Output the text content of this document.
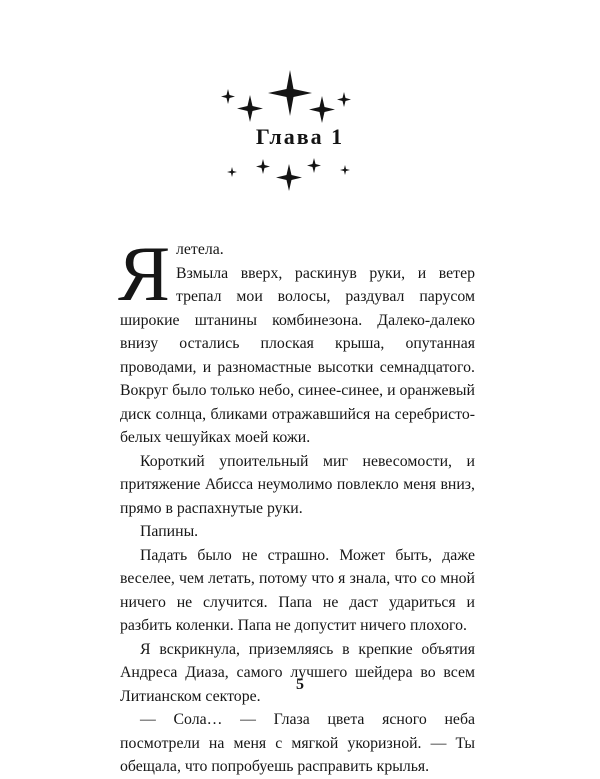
Глава 1

Я летела.
Взмыла вверх, раскинув руки, и ветер трепал мои волосы, раздувал парусом широкие штанины комбинезона. Далеко-далеко внизу остались плоская крыша, опутанная проводами, и разномастные высотки семнадцатого. Вокруг было только небо, синее-синее, и оранжевый диск солнца, бликами отражавшийся на серебристо-белых чешуйках моей кожи.

Короткий упоительный миг невесомости, и притяжение Абисса неумолимо повлекло меня вниз, прямо в распахнутые руки.

Папины.

Падать было не страшно. Может быть, даже веселее, чем летать, потому что я знала, что со мной ничего не случится. Папа не даст удариться и разбить коленки. Папа не допустит ничего плохого.

Я вскрикнула, приземляясь в крепкие объятия Андреса Диаза, самого лучшего шейдера во всем Литианском секторе.

— Сола… — Глаза цвета ясного неба посмотрели на меня с мягкой укоризной. — Ты обещала, что попробуешь расправить крылья.

5
